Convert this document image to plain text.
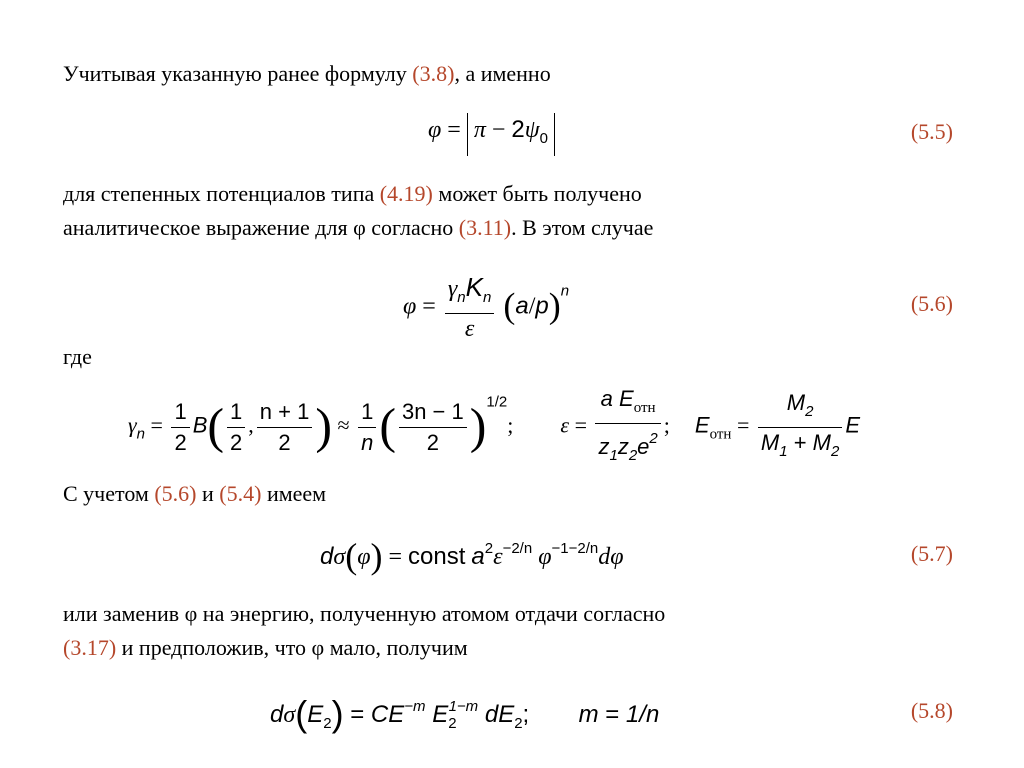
Учитывая указанную ранее формулу (3.8), а именно
$\varphi = \pi - 2\psi_0$	(5.5)
для степенных потенциалов типа (4.19) может быть получено
аналитическое выражение для φ согласно (3.11). В этом случае
$\varphi = \frac{\gamma_nK_n}{\varepsilon} (a/p)^n$	(5.6)
где
$\gamma_n = \frac{1}{2} B( \frac{1}{2}$ , $\frac{n + 1}{2}$ ) ≈ $\frac{1}{n}$ ( $\frac{3n - 1}{2} )^{1/2}$; $\varepsilon = \frac{a E_{отн}}{z_1z_2e^2}$ ; $E_{отн} = \frac{M_2}{M_1 + M_2}$ E
С учетом (5.6) и (5.4) имеем
dσ(φ) = const $a^2\varepsilon^{-2/n}$ $\varphi^{-1-2/n}d\varphi$	(5.7)
или заменив φ на энергию, полученную атомом отдачи согласно
(3.17) и предположив, что φ мало, получим
$d\sigma(E_2) = CE^{-m}$ $E_2^{1-m}$ $dE_2$; m = 1/n	(5.8)
